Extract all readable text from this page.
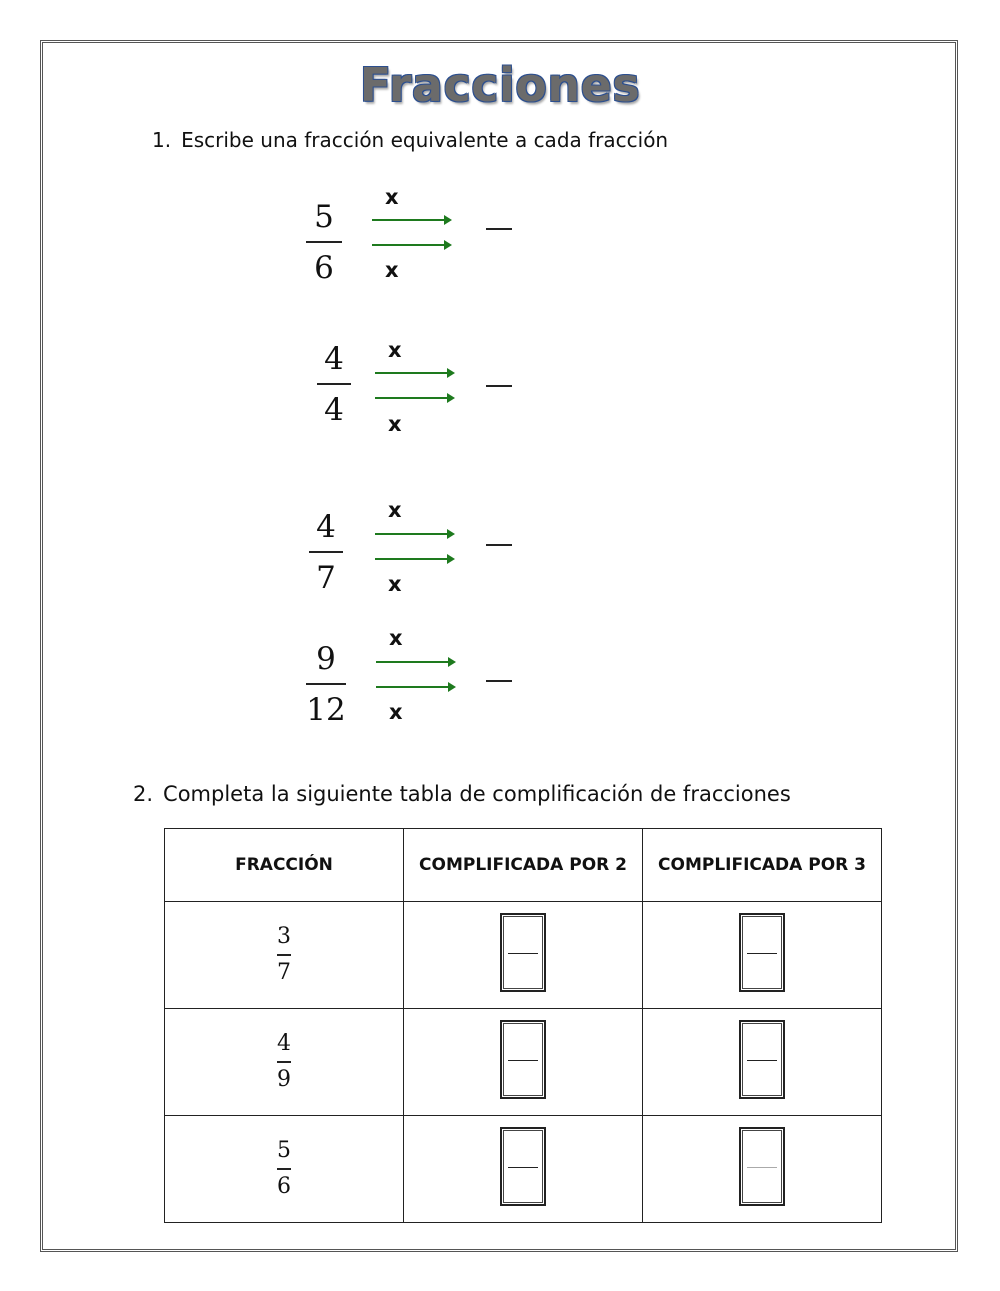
Fracciones
1. Escribe una fracción equivalente a cada fracción
5
6
x
x
4
4
x
x
4
7
x
x
9
12
x
x
2. Completa la siguiente tabla de complificación de fracciones
FRACCIÓN	COMPLIFICADA POR 2	COMPLIFICADA POR 3

$\frac{3}{7}$

$\frac{4}{9}$

$\frac{5}{6}$
